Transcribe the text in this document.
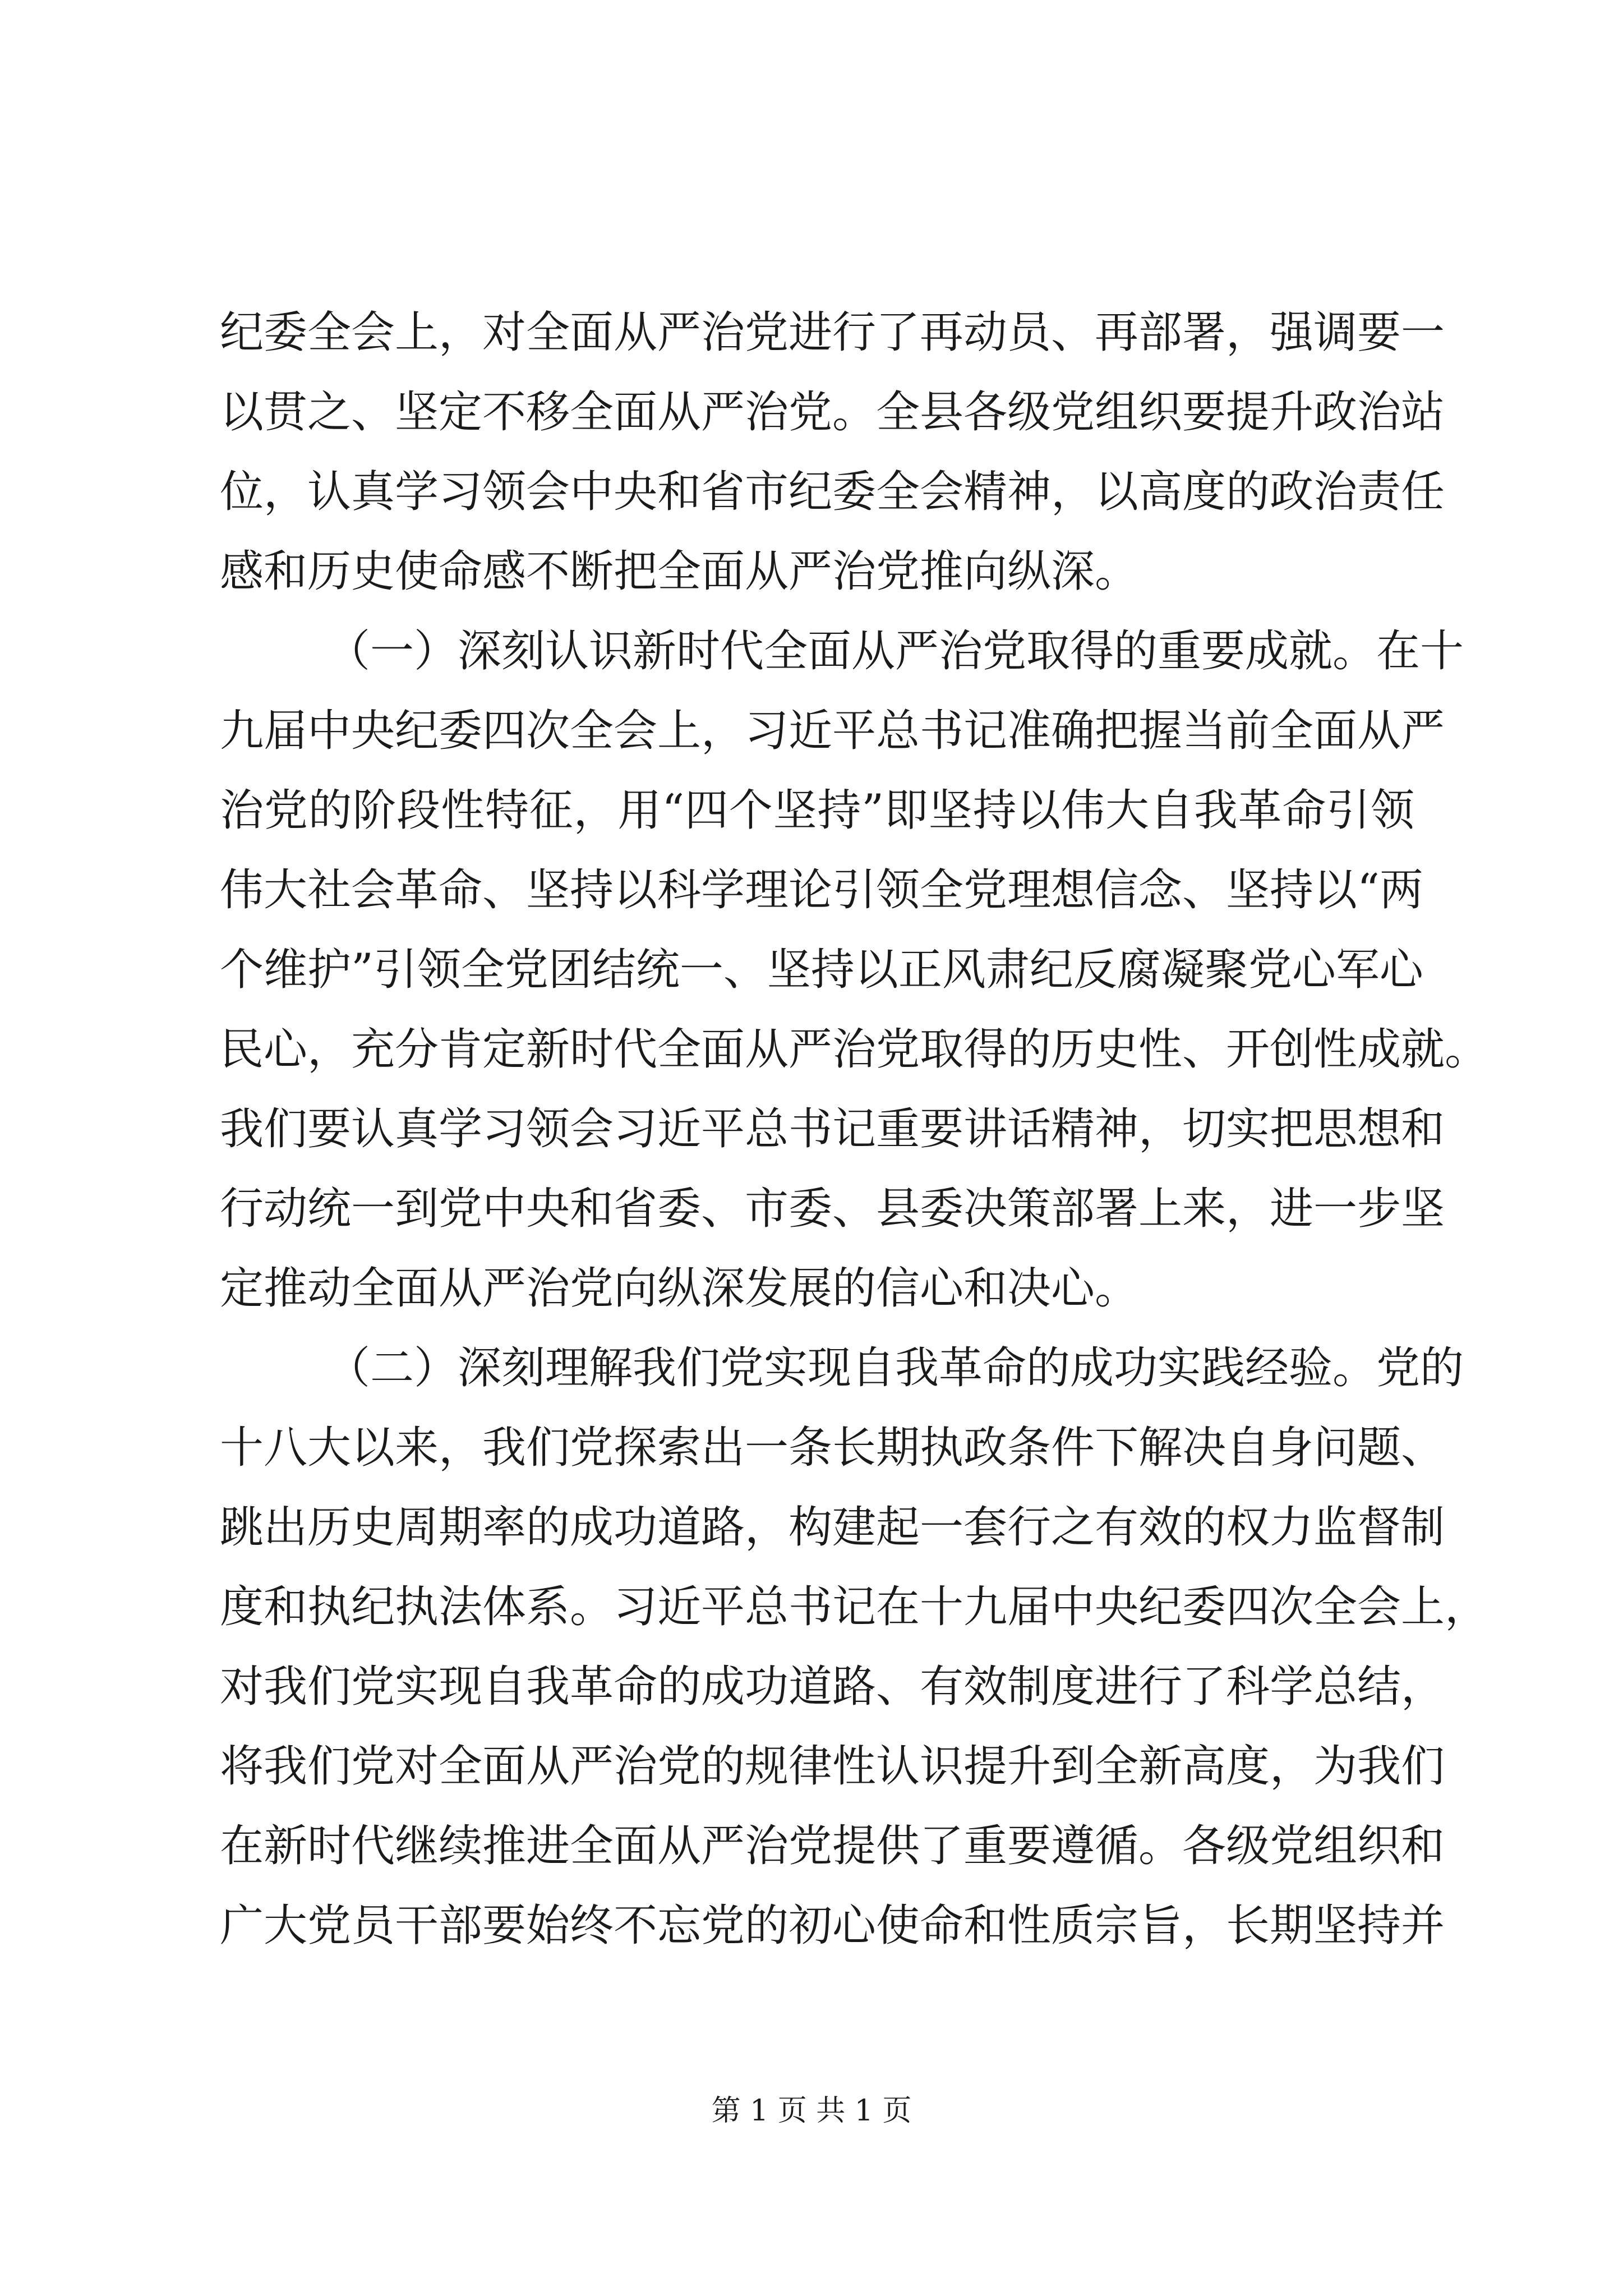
纪委全会上，对全面从严治党进行了再动员、再部署，强调要一
以贯之、坚定不移全面从严治党。全县各级党组织要提升政治站
位，认真学习领会中央和省市纪委全会精神，以高度的政治责任
感和历史使命感不断把全面从严治党推向纵深。
（一）深刻认识新时代全面从严治党取得的重要成就。在十
九届中央纪委四次全会上，习近平总书记准确把握当前全面从严
治党的阶段性特征，用“四个坚持”即坚持以伟大自我革命引领
伟大社会革命、坚持以科学理论引领全党理想信念、坚持以“两
个维护”引领全党团结统一、坚持以正风肃纪反腐凝聚党心军心
民心，充分肯定新时代全面从严治党取得的历史性、开创性成就。
我们要认真学习领会习近平总书记重要讲话精神，切实把思想和
行动统一到党中央和省委、市委、县委决策部署上来，进一步坚
定推动全面从严治党向纵深发展的信心和决心。
（二）深刻理解我们党实现自我革命的成功实践经验。党的
十八大以来，我们党探索出一条长期执政条件下解决自身问题、
跳出历史周期率的成功道路，构建起一套行之有效的权力监督制
度和执纪执法体系。习近平总书记在十九届中央纪委四次全会上，
对我们党实现自我革命的成功道路、有效制度进行了科学总结，
将我们党对全面从严治党的规律性认识提升到全新高度，为我们
在新时代继续推进全面从严治党提供了重要遵循。各级党组织和
广大党员干部要始终不忘党的初心使命和性质宗旨，长期坚持并
第 1 页 共 1 页
